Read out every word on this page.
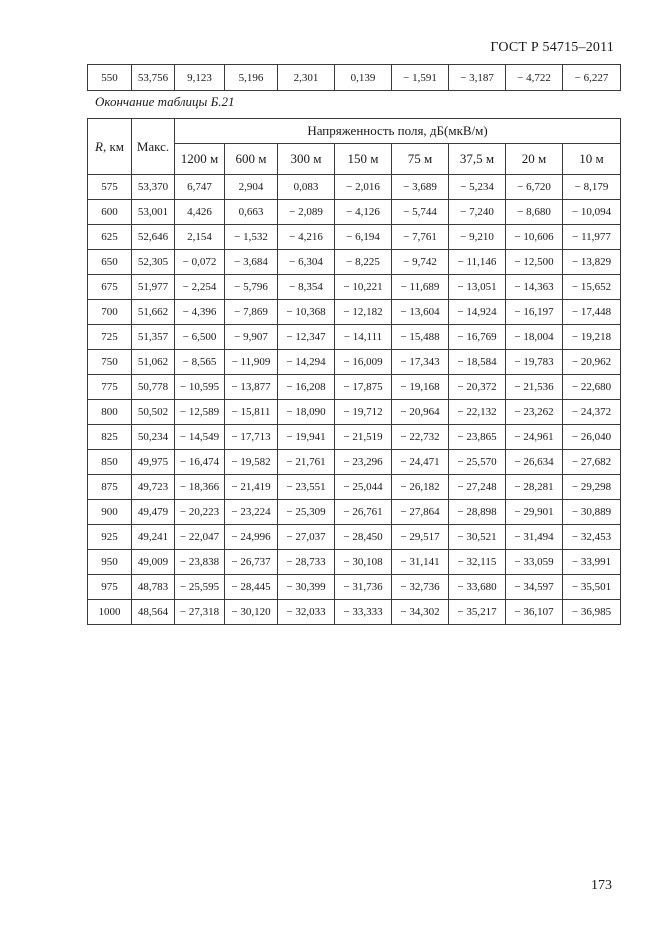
ГОСТ Р 54715–2011
550	53,756	9,123	5,196	2,301	0,139	− 1,591	− 3,187	− 4,722	− 6,227
Окончание таблицы Б.21
R, км	Макс.	Напряженность поля, дБ(мкВ/м)							
		1200 м	600 м	300 м	150 м	75 м	37,5 м	20 м	10 м
575	53,370	6,747	2,904	0,083	− 2,016	− 3,689	− 5,234	− 6,720	− 8,179
600	53,001	4,426	0,663	− 2,089	− 4,126	− 5,744	− 7,240	− 8,680	− 10,094
625	52,646	2,154	− 1,532	− 4,216	− 6,194	− 7,761	− 9,210	− 10,606	− 11,977
650	52,305	− 0,072	− 3,684	− 6,304	− 8,225	− 9,742	− 11,146	− 12,500	− 13,829
675	51,977	− 2,254	− 5,796	− 8,354	− 10,221	− 11,689	− 13,051	− 14,363	− 15,652
700	51,662	− 4,396	− 7,869	− 10,368	− 12,182	− 13,604	− 14,924	− 16,197	− 17,448
725	51,357	− 6,500	− 9,907	− 12,347	− 14,111	− 15,488	− 16,769	− 18,004	− 19,218
750	51,062	− 8,565	− 11,909	− 14,294	− 16,009	− 17,343	− 18,584	− 19,783	− 20,962
775	50,778	− 10,595	− 13,877	− 16,208	− 17,875	− 19,168	− 20,372	− 21,536	− 22,680
800	50,502	− 12,589	− 15,811	− 18,090	− 19,712	− 20,964	− 22,132	− 23,262	− 24,372
825	50,234	− 14,549	− 17,713	− 19,941	− 21,519	− 22,732	− 23,865	− 24,961	− 26,040
850	49,975	− 16,474	− 19,582	− 21,761	− 23,296	− 24,471	− 25,570	− 26,634	− 27,682
875	49,723	− 18,366	− 21,419	− 23,551	− 25,044	− 26,182	− 27,248	− 28,281	− 29,298
900	49,479	− 20,223	− 23,224	− 25,309	− 26,761	− 27,864	− 28,898	− 29,901	− 30,889
925	49,241	− 22,047	− 24,996	− 27,037	− 28,450	− 29,517	− 30,521	− 31,494	− 32,453
950	49,009	− 23,838	− 26,737	− 28,733	− 30,108	− 31,141	− 32,115	− 33,059	− 33,991
975	48,783	− 25,595	− 28,445	− 30,399	− 31,736	− 32,736	− 33,680	− 34,597	− 35,501
1000	48,564	− 27,318	− 30,120	− 32,033	− 33,333	− 34,302	− 35,217	− 36,107	− 36,985
173
